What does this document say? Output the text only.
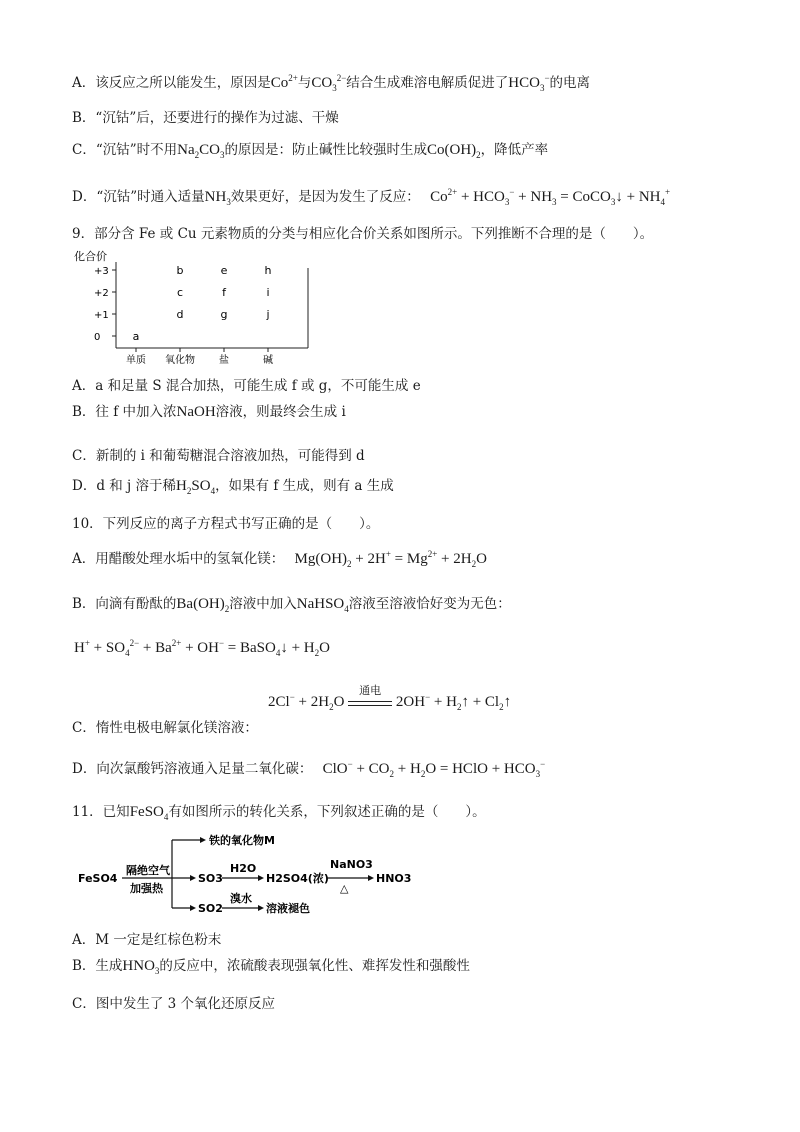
A．该反应之所以能发生，原因是$Co^{2+}$与$CO_3^{2-}$结合生成难溶电解质促进了$HCO_3^-$的电离
B．“沉钴”后，还要进行的操作为过滤、干燥
C．“沉钴”时不用$Na_2CO_3$的原因是：防止碱性比较强时生成$Co(OH)_2$，降低产率
D．“沉钴”时通入适量$NH_3$效果更好，是因为发生了反应： $Co^{2+} + HCO_3^- + NH_3$ = CoCO$_3$↓ + $NH_4^+$
9．部分含 Fe 或 Cu 元素物质的分类与相应化合价关系如图所示。下列推断不合理的是（　　）。
化合价
+3
+2
+1
0
单质 氧化物 盐	碱
a
b
c
d
e
f
g
h
i
j
A．a 和足量 S 混合加热，可能生成 f 或 g，不可能生成 e
B．往 f 中加入浓NaOH溶液，则最终会生成 i
C．新制的 i 和葡萄糖混合溶液加热，可能得到 d
D．d 和 j 溶于稀$H_2SO_4$，如果有 f 生成，则有 a 生成
10．下列反应的离子方程式书写正确的是（　　）。
A．用醋酸处理水垢中的氢氧化镁： $Mg(OH)_2 + 2H^+ = Mg^{2+} + 2H_2O$
B．向滴有酚酞的$Ba(OH)_2$溶液中加入NaHSO$_4$溶液至溶液恰好变为无色：
$H^+ + SO_4^{2-} + Ba^{2+} + OH^-$ = BaSO$_4$↓ + $H_2O$
$2Cl^- + 2H_2O$
通电
$2OH^- + H_2↑$ + $Cl_2↑$
C．惰性电极电解氯化镁溶液：
D．向次氯酸钙溶液通入足量二氧化碳： $ClO^- + CO_2 + H_2O$ = HClO + $HCO_3^-$
11．已知FeSO$_4$有如图所示的转化关系，下列叙述正确的是（　　）。
FeSO4
隔绝空气
加强热
铁的氧化物M
SO3
H2O
H2SO4(浓)
NaNO3
△
HNO3
SO2
溴水
溶液褪色
A．M 一定是红棕色粉末
B．生成$HNO_3$的反应中，浓硫酸表现强氧化性、难挥发性和强酸性
C．图中发生了 3 个氧化还原反应
